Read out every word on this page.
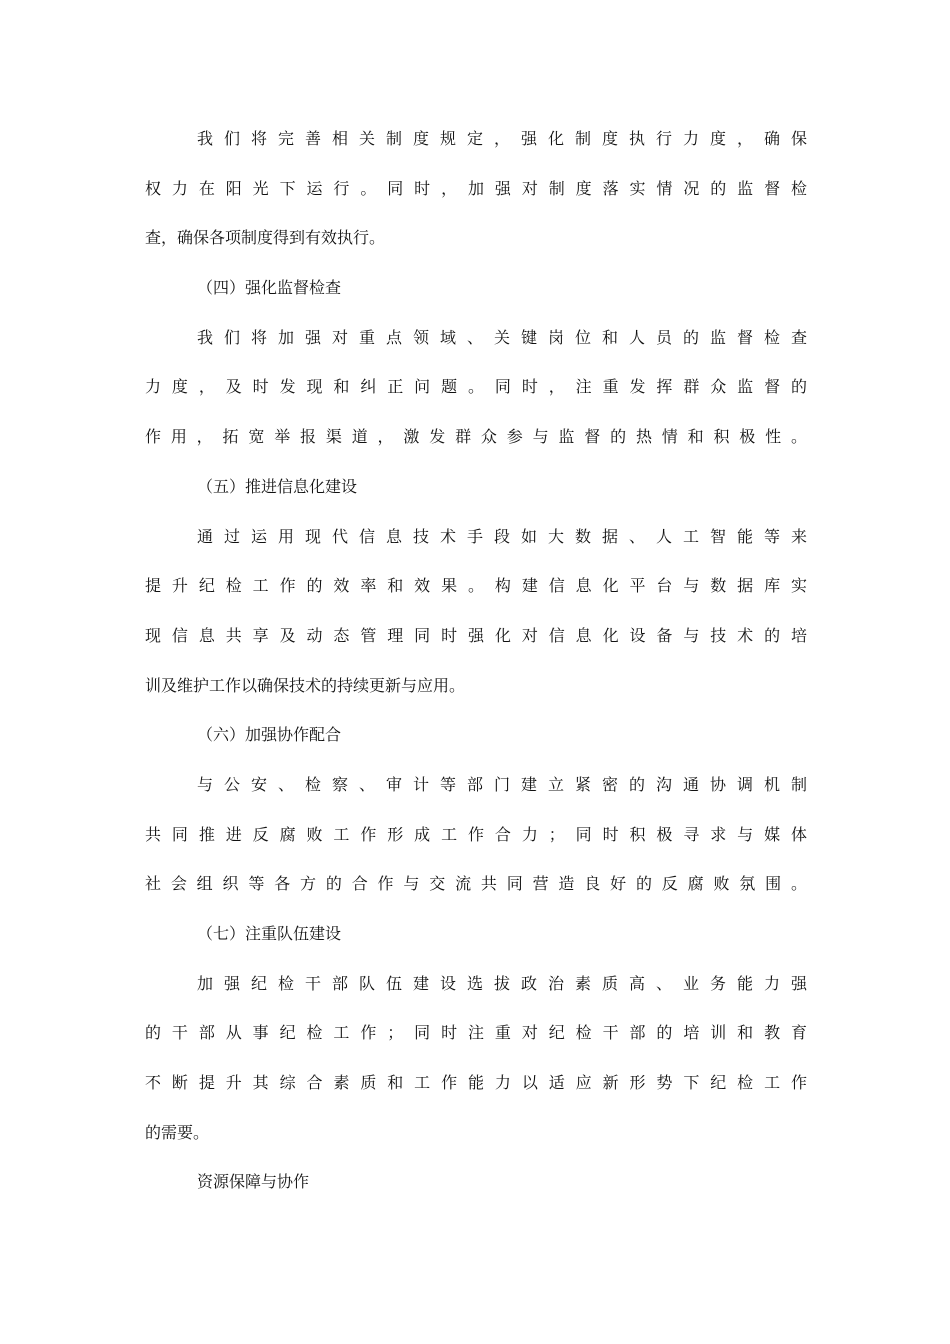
我们将完善相关制度规定，强化制度执行力度，确保
权力在阳光下运行。同时，加强对制度落实情况的监督检
查，确保各项制度得到有效执行。
（四）强化监督检查
我们将加强对重点领域、关键岗位和人员的监督检查
力度，及时发现和纠正问题。同时，注重发挥群众监督的
作用，拓宽举报渠道，激发群众参与监督的热情和积极性。
（五）推进信息化建设
通过运用现代信息技术手段如大数据、人工智能等来
提升纪检工作的效率和效果。构建信息化平台与数据库实
现信息共享及动态管理同时强化对信息化设备与技术的培
训及维护工作以确保技术的持续更新与应用。
（六）加强协作配合
与公安、检察、审计等部门建立紧密的沟通协调机制
共同推进反腐败工作形成工作合力；同时积极寻求与媒体
社会组织等各方的合作与交流共同营造良好的反腐败氛围。
（七）注重队伍建设
加强纪检干部队伍建设选拔政治素质高、业务能力强
的干部从事纪检工作；同时注重对纪检干部的培训和教育
不断提升其综合素质和工作能力以适应新形势下纪检工作
的需要。
资源保障与协作
